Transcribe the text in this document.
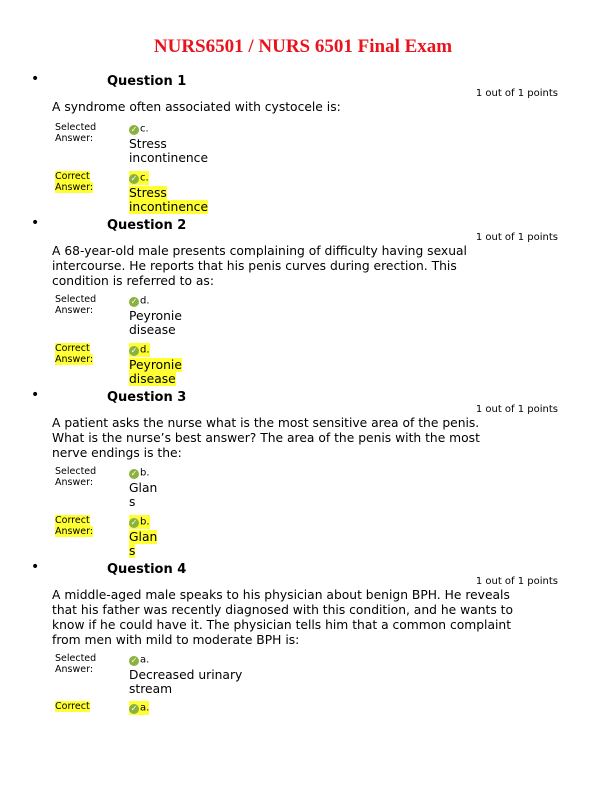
NURS6501 / NURS 6501 Final Exam
•	Question 1
1 out of 1 points
A syndrome often associated with cystocele is:
Selected
Answer:
✓ c.
Stress
incontinence
Correct
Answer:
✓ c.
Stress
incontinence
•	Question 2
1 out of 1 points
A 68-year-old male presents complaining of difficulty having sexual
intercourse. He reports that his penis curves during erection. This
condition is referred to as:
Selected
Answer:
✓ d.
Peyronie
disease
Correct
Answer:
✓ d.
Peyronie
disease
•	Question 3
1 out of 1 points
A patient asks the nurse what is the most sensitive area of the penis.
What is the nurse’s best answer? The area of the penis with the most
nerve endings is the:
Selected
Answer:
✓ b.
Glan
s
Correct
Answer:
✓ b.
Glan
s
•	Question 4
1 out of 1 points
A middle-aged male speaks to his physician about benign BPH. He reveals
that his father was recently diagnosed with this condition, and he wants to
know if he could have it. The physician tells him that a common complaint
from men with mild to moderate BPH is:
Selected
Answer:
✓ a.
Decreased urinary
stream
Correct	✓ a.
